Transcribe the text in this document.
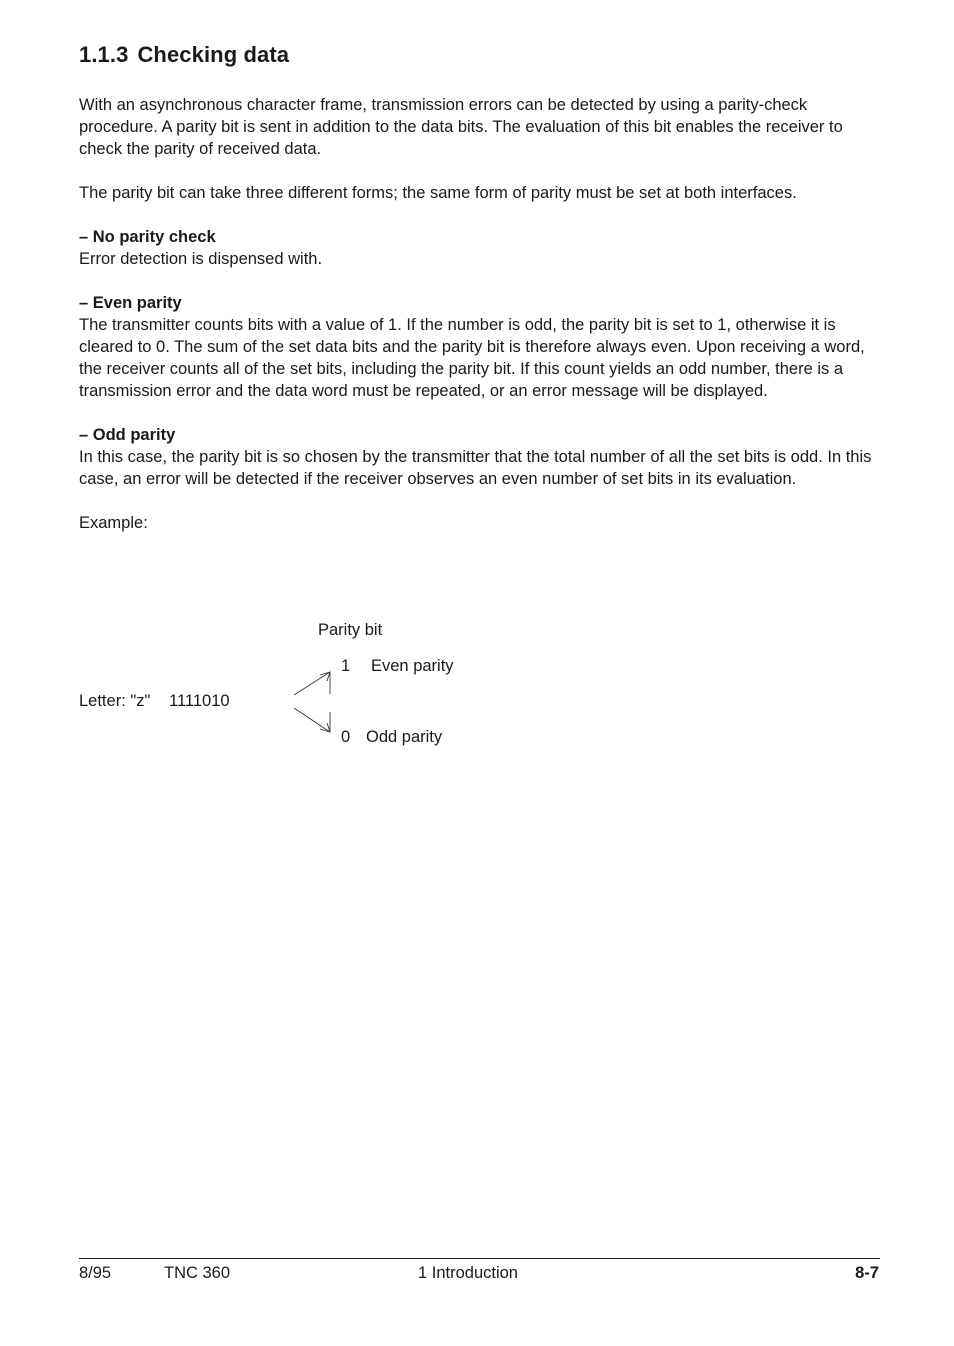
1.1.3 Checking data

With an asynchronous character frame, transmission errors can be detected by using a parity-check procedure. A parity bit is sent in addition to the data bits. The evaluation of this bit enables the receiver to check the parity of received data.

The parity bit can take three different forms; the same form of parity must be set at both interfaces.

– No parity check

Error detection is dispensed with.

– Even parity

The transmitter counts bits with a value of 1. If the number is odd, the parity bit is set to 1, otherwise it is cleared to 0. The sum of the set data bits and the parity bit is therefore always even. Upon receiving a word, the receiver counts all of the set bits, including the parity bit. If this count yields an odd number, there is a transmission error and the data word must be repeated, or an error message will be displayed.

– Odd parity

In this case, the parity bit is so chosen by the transmitter that the total number of all the set bits is odd. In this case, an error will be detected if the receiver observes an even number of set bits in its evaluation.

Example:

Parity bit
1 Even parity
Letter: "z" 1111010
0 Odd parity
8/95	TNC 360	1 Introduction	8-7
